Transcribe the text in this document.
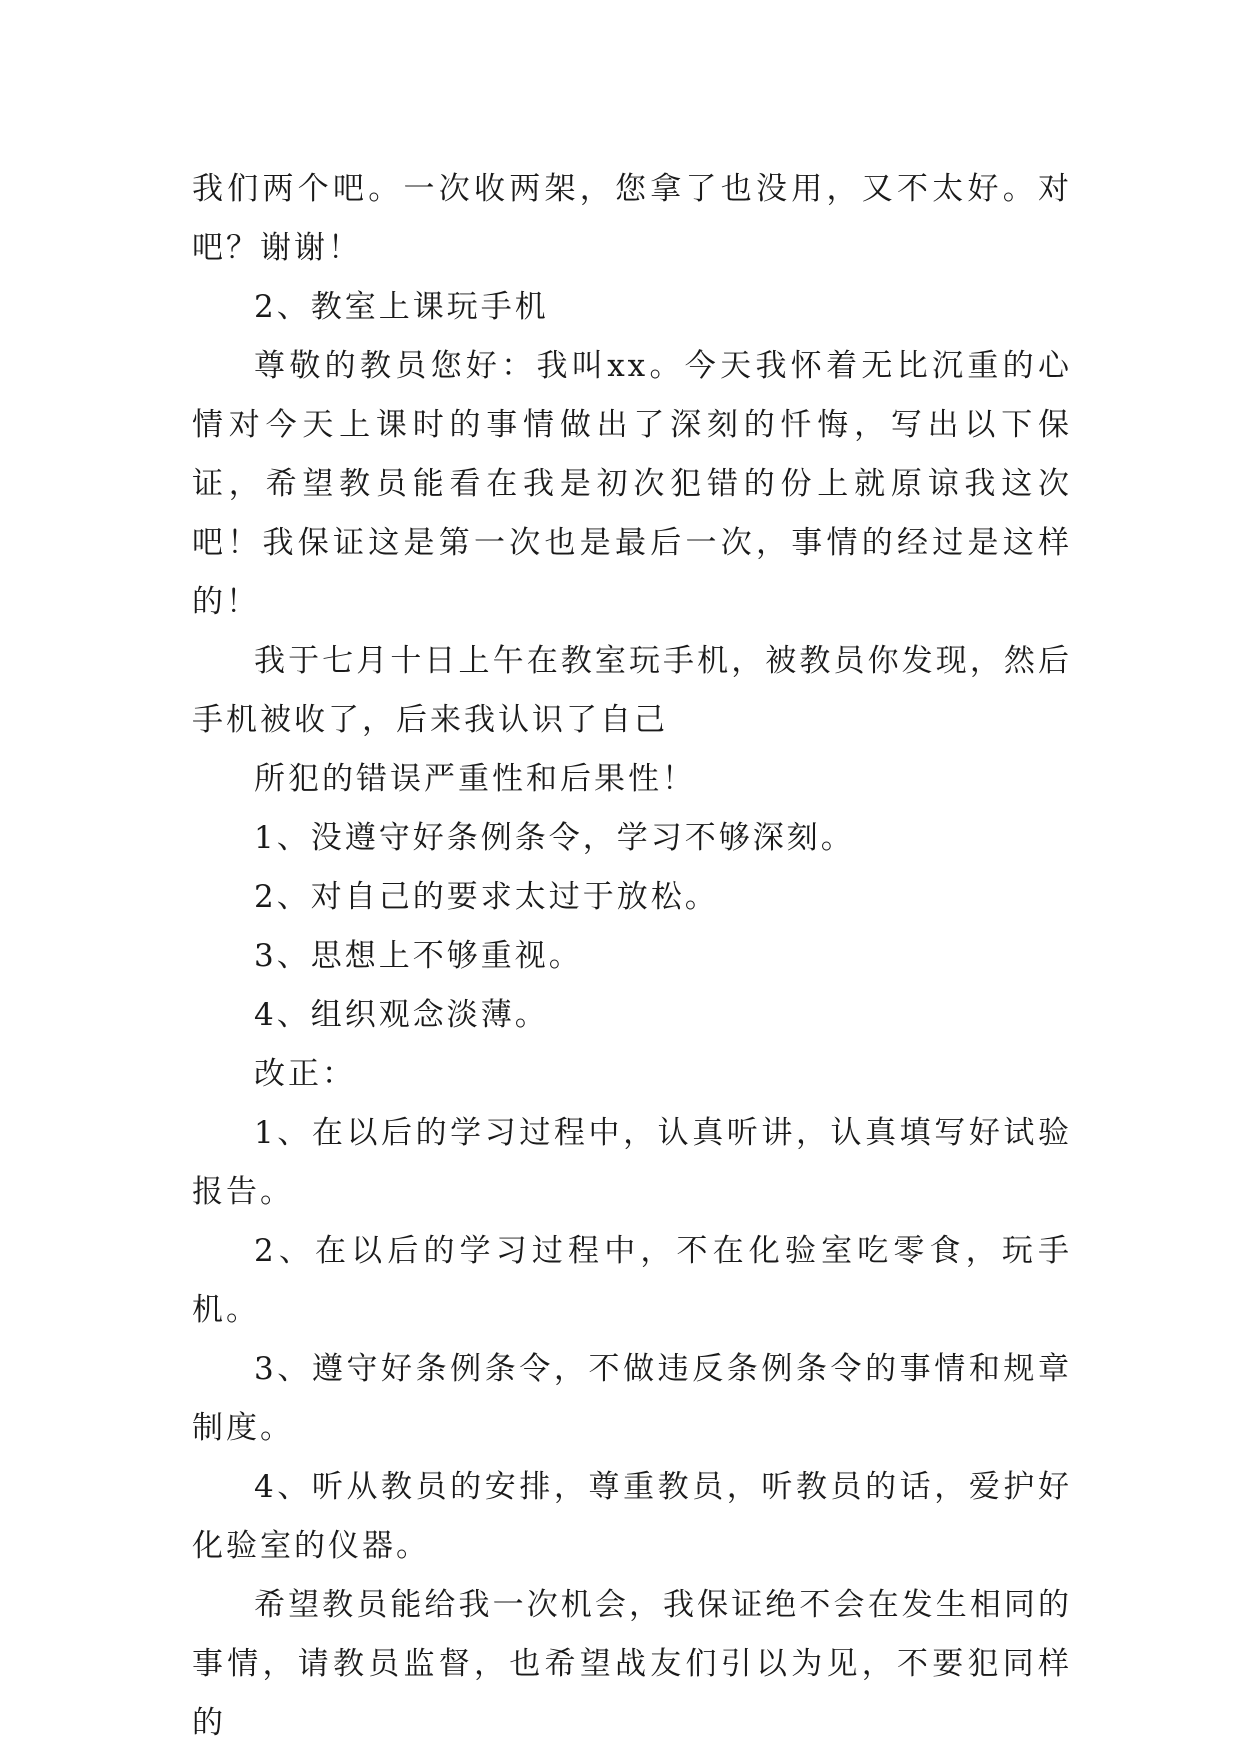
我们两个吧。一次收两架，您拿了也没用，又不太好。对吧？谢谢！

2、教室上课玩手机

尊敬的教员您好：我叫xx。今天我怀着无比沉重的心情对今天上课时的事情做出了深刻的忏悔，写出以下保证，希望教员能看在我是初次犯错的份上就原谅我这次吧！我保证这是第一次也是最后一次，事情的经过是这样的！

我于七月十日上午在教室玩手机，被教员你发现，然后手机被收了，后来我认识了自己

所犯的错误严重性和后果性！

1、没遵守好条例条令，学习不够深刻。

2、对自己的要求太过于放松。

3、思想上不够重视。

4、组织观念淡薄。

改正：

1、在以后的学习过程中，认真听讲，认真填写好试验报告。

2、在以后的学习过程中，不在化验室吃零食，玩手机。

3、遵守好条例条令，不做违反条例条令的事情和规章制度。

4、听从教员的安排，尊重教员，听教员的话，爱护好化验室的仪器。

希望教员能给我一次机会，我保证绝不会在发生相同的事情，请教员监督，也希望战友们引以为见，不要犯同样的
